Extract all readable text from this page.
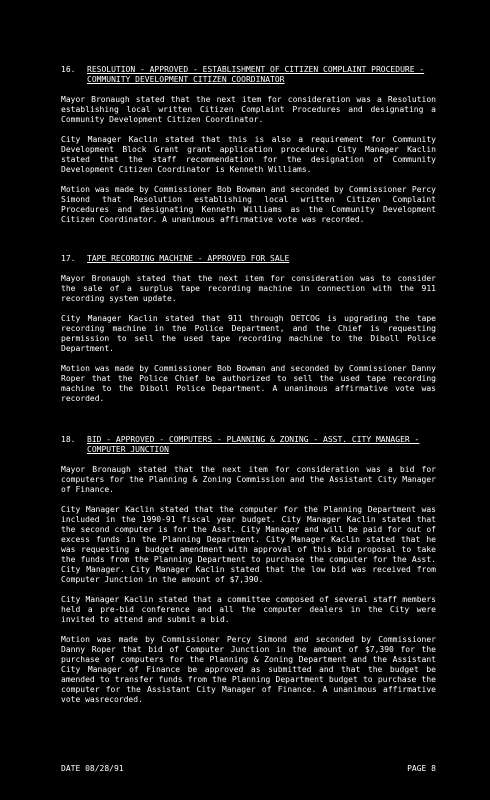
16.	RESOLUTION - APPROVED - ESTABLISHMENT OF CITIZEN COMPLAINT PROCEDURE - COMMUNITY DEVELOPMENT CITIZEN COORDINATOR

Mayor Bronaugh stated that the next item for consideration was a Resolution establishing local written Citizen Complaint Procedures and designating a Community Development Citizen Coordinator.

City Manager Kaclin stated that this is also a requirement for Community Development Block Grant grant application procedure. City Manager Kaclin stated that the staff recommendation for the designation of Community Development Citizen Coordinator is Kenneth Williams.

Motion was made by Commissioner Bob Bowman and seconded by Commissioner Percy Simond that Resolution establishing local written Citizen Complaint Procedures and designating Kenneth Williams as the Community Development Citizen Coordinator. A unanimous affirmative vote was recorded.

17.	TAPE RECORDING MACHINE - APPROVED FOR SALE

Mayor Bronaugh stated that the next item for consideration was to consider the sale of a surplus tape recording machine in connection with the 911 recording system update.

City Manager Kaclin stated that 911 through DETCOG is upgrading the tape recording machine in the Police Department, and the Chief is requesting permission to sell the used tape recording machine to the Diboll Police Department.

Motion was made by Commissioner Bob Bowman and seconded by Commissioner Danny Roper that the Police Chief be authorized to sell the used tape recording machine to the Diboll Police Department. A unanimous affirmative vote was recorded.

18.	BID - APPROVED - COMPUTERS - PLANNING & ZONING - ASST. CITY MANAGER - COMPUTER JUNCTION

Mayor Bronaugh stated that the next item for consideration was a bid for computers for the Planning & Zoning Commission and the Assistant City Manager of Finance.

City Manager Kaclin stated that the computer for the Planning Department was included in the 1990-91 fiscal year budget. City Manager Kaclin stated that the second computer is for the Asst. City Manager and will be paid for out of excess funds in the Planning Department. City Manager Kaclin stated that he was requesting a budget amendment with approval of this bid proposal to take the funds from the Planning Department to purchase the computer for the Asst. City Manager. City Manager Kaclin stated that the low bid was received from Computer Junction in the amount of $7,390.

City Manager Kaclin stated that a committee composed of several staff members held a pre-bid conference and all the computer dealers in the City were invited to attend and submit a bid.

Motion was made by Commissioner Percy Simond and seconded by Commissioner Danny Roper that bid of Computer Junction in the amount of $7,390 for the purchase of computers for the Planning & Zoning Department and the Assistant City Manager of Finance be approved as submitted and that the budget be amended to transfer funds from the Planning Department budget to purchase the computer for the Assistant City Manager of Finance. A unanimous affirmative vote wasrecorded.

DATE 08/28/91	PAGE 8
